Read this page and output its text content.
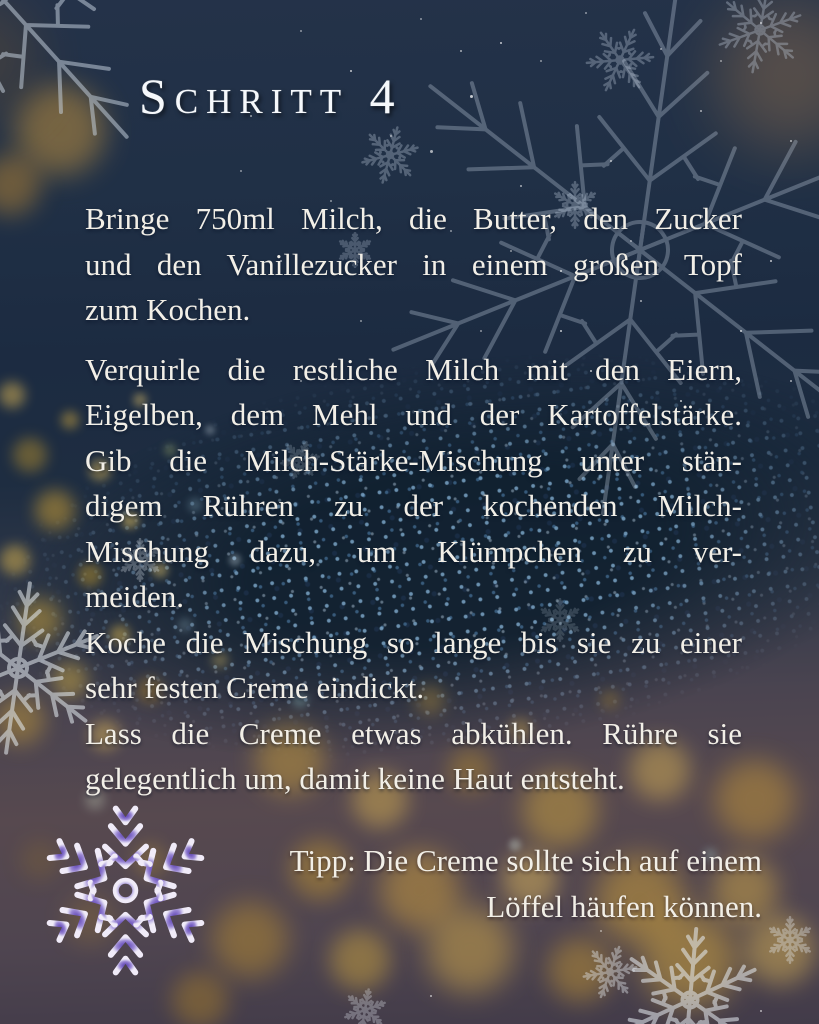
Schritt 4
Bringe 750ml Milch, die Butter, den Zucker
und den Vanillezucker in einem großen Topf
zum Kochen.
Verquirle die restliche Milch mit den Eiern,
Eigelben, dem Mehl und der Kartoffelstärke.
Gib die Milch-Stärke-Mischung unter stän-
digem Rühren zu der kochenden Milch-
Mischung dazu, um Klümpchen zu ver-
meiden.
Koche die Mischung so lange bis sie zu einer
sehr festen Creme eindickt.
Lass die Creme etwas abkühlen. Rühre sie
gelegentlich um, damit keine Haut entsteht.
Tipp: Die Creme sollte sich auf einem
Löffel häufen können.
